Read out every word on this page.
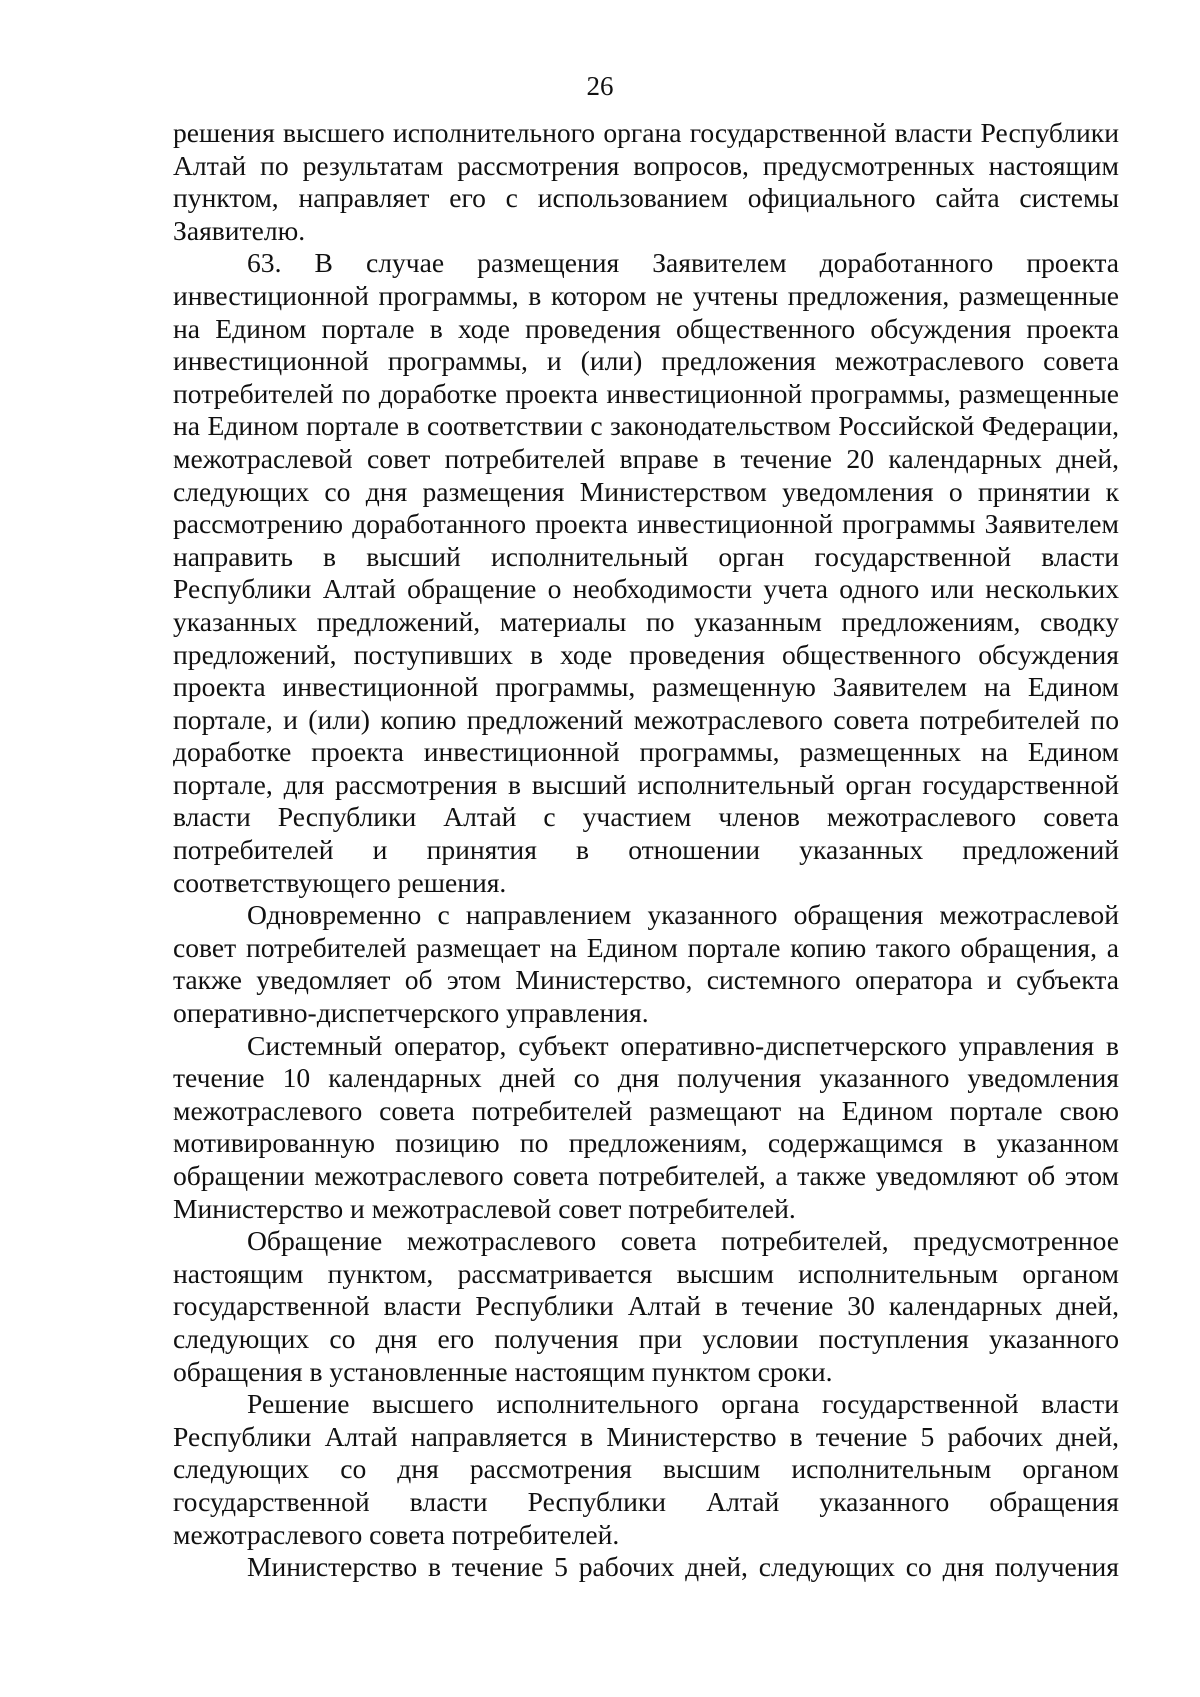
26

решения высшего исполнительного органа государственной власти Республики Алтай по результатам рассмотрения вопросов, предусмотренных настоящим пунктом, направляет его с использованием официального сайта системы Заявителю.

63. В случае размещения Заявителем доработанного проекта инвестиционной программы, в котором не учтены предложения, размещенные на Едином портале в ходе проведения общественного обсуждения проекта инвестиционной программы, и (или) предложения межотраслевого совета потребителей по доработке проекта инвестиционной программы, размещенные на Едином портале в соответствии с законодательством Российской Федерации, межотраслевой совет потребителей вправе в течение 20 календарных дней, следующих со дня размещения Министерством уведомления о принятии к рассмотрению доработанного проекта инвестиционной программы Заявителем направить в высший исполнительный орган государственной власти Республики Алтай обращение о необходимости учета одного или нескольких указанных предложений, материалы по указанным предложениям, сводку предложений, поступивших в ходе проведения общественного обсуждения проекта инвестиционной программы, размещенную Заявителем на Едином портале, и (или) копию предложений межотраслевого совета потребителей по доработке проекта инвестиционной программы, размещенных на Едином портале, для рассмотрения в высший исполнительный орган государственной власти Республики Алтай с участием членов межотраслевого совета потребителей и принятия в отношении указанных предложений соответствующего решения.

Одновременно с направлением указанного обращения межотраслевой совет потребителей размещает на Едином портале копию такого обращения, а также уведомляет об этом Министерство, системного оператора и субъекта оперативно-диспетчерского управления.

Системный оператор, субъект оперативно-диспетчерского управления в течение 10 календарных дней со дня получения указанного уведомления межотраслевого совета потребителей размещают на Едином портале свою мотивированную позицию по предложениям, содержащимся в указанном обращении межотраслевого совета потребителей, а также уведомляют об этом Министерство и межотраслевой совет потребителей.

Обращение межотраслевого совета потребителей, предусмотренное настоящим пунктом, рассматривается высшим исполнительным органом государственной власти Республики Алтай в течение 30 календарных дней, следующих со дня его получения при условии поступления указанного обращения в установленные настоящим пунктом сроки.

Решение высшего исполнительного органа государственной власти Республики Алтай направляется в Министерство в течение 5 рабочих дней, следующих со дня рассмотрения высшим исполнительным органом государственной власти Республики Алтай указанного обращения межотраслевого совета потребителей.

Министерство в течение 5 рабочих дней, следующих со дня получения
